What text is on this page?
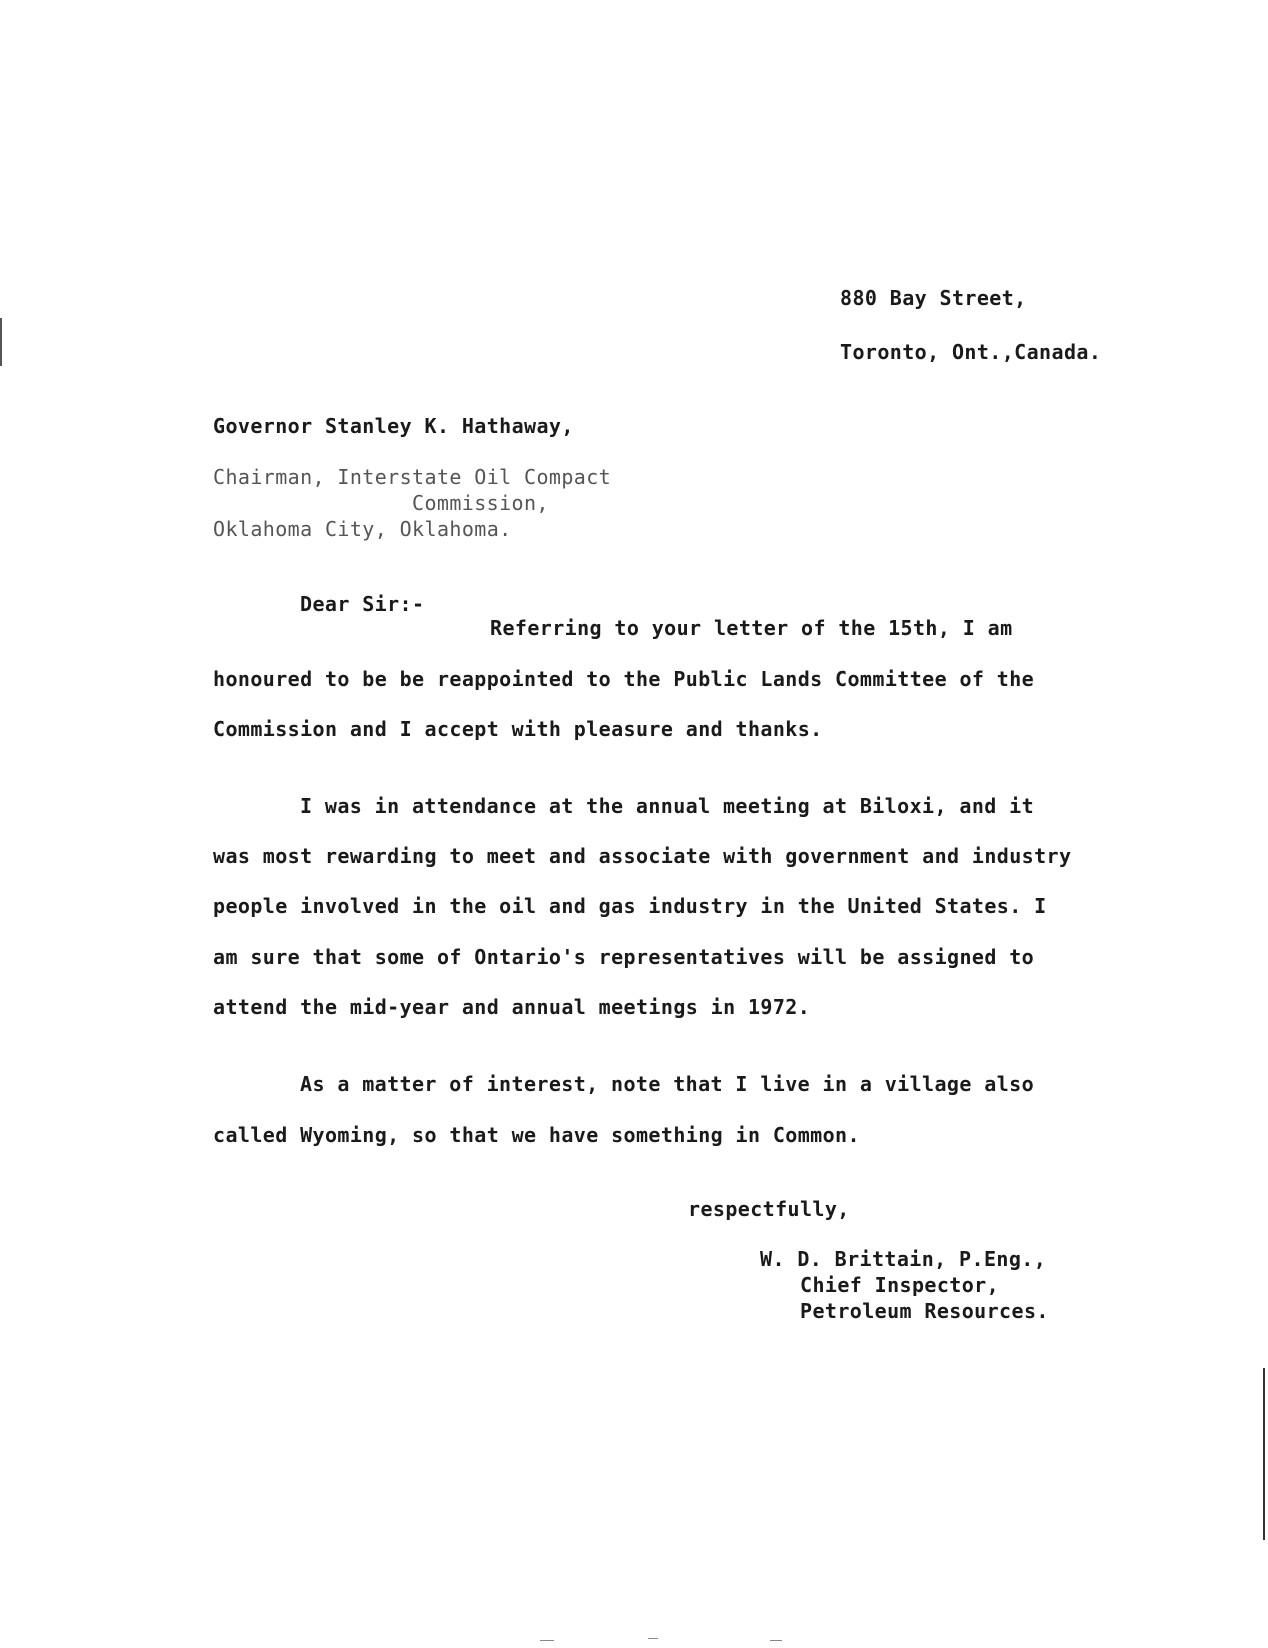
880 Bay Street,
Toronto, Ont.,Canada.
Governor Stanley K. Hathaway,
Chairman, Interstate Oil Compact
Commission,
Oklahoma City, Oklahoma.
Dear Sir:-
Referring to your letter of the 15th, I am
honoured to be be reappointed to the Public Lands Committee of the
Commission and I accept with pleasure and thanks.
I was in attendance at the annual meeting at Biloxi, and it
was most rewarding to meet and associate with government and industry
people involved in the oil and gas industry in the United States. I
am sure that some of Ontario's representatives will be assigned to
attend the mid-year and annual meetings in 1972.
As a matter of interest, note that I live in a village also
called Wyoming, so that we have something in Common.
respectfully,
W. D. Brittain, P.Eng.,
Chief Inspector,
Petroleum Resources.
